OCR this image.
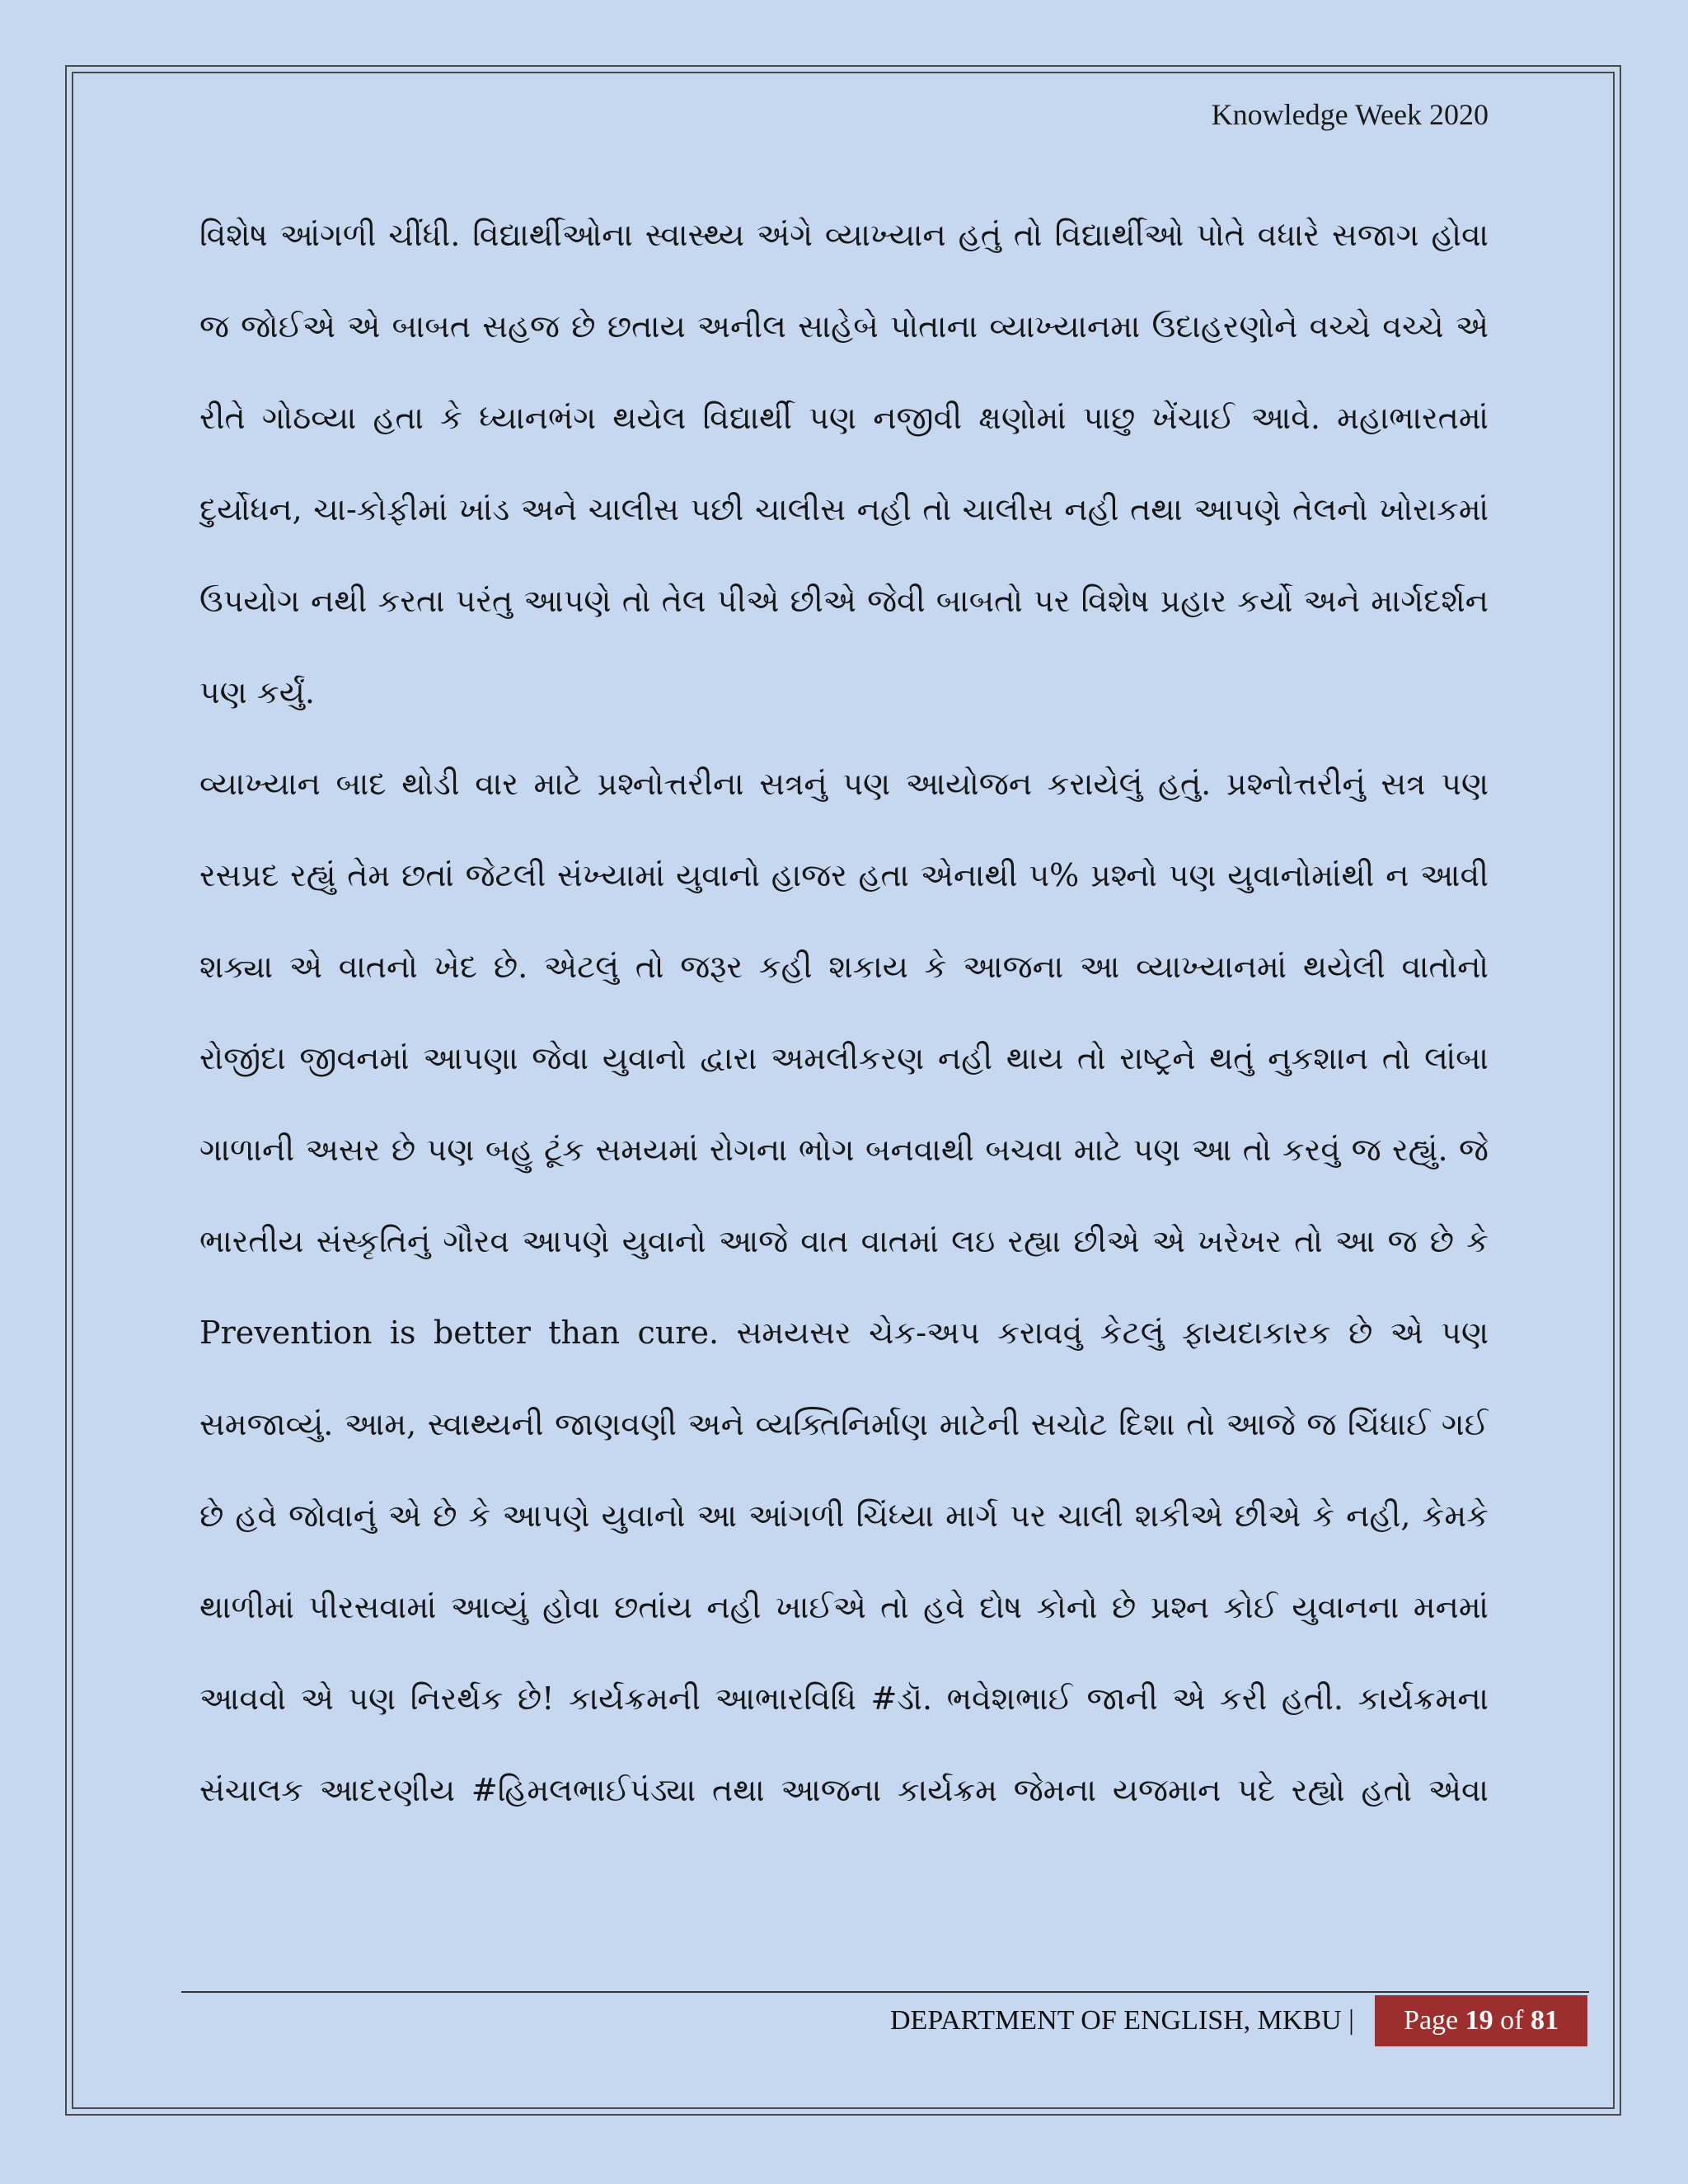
Knowledge Week 2020

વિશેષ આંગળી ચીંધી. વિદ્યાર્થીઓના સ્વાસ્થ્ય અંગે વ્યાખ્યાન હતું તો વિદ્યાર્થીઓ પોતે વધારે સજાગ હોવા જ જોઈએ એ બાબત સહજ છે છતાય અનીલ સાહેબે પોતાના વ્યાખ્યાનમા ઉદાહરણોને વચ્ચે વચ્ચે એ રીતે ગોઠવ્યા હતા કે ધ્યાનભંગ થયેલ વિદ્યાર્થી પણ નજીવી ક્ષણોમાં પાછુ ખેંચાઈ આવે. મહાભારતમાં દુર્યોધન, ચા-કોફીમાં ખાંડ અને ચાલીસ પછી ચાલીસ નહી તો ચાલીસ નહી તથા આપણે તેલનો ખોરાકમાં ઉપયોગ નથી કરતા પરંતુ આપણે તો તેલ પીએ છીએ જેવી બાબતો પર વિશેષ પ્રહાર કર્યો અને માર્ગદર્શન પણ કર્યું.

વ્યાખ્યાન બાદ થોડી વાર માટે પ્રશ્નોત્તરીના સત્રનું પણ આયોજન કરાયેલું હતું. પ્રશ્નોત્તરીનું સત્ર પણ રસપ્રદ રહ્યું તેમ છતાં જેટલી સંખ્યામાં યુવાનો હાજર હતા એનાથી ૫% પ્રશ્નો પણ યુવાનોમાંથી ન આવી શક્યા એ વાતનો ખેદ છે. એટલું તો જરૂર કહી શકાય કે આજના આ વ્યાખ્યાનમાં થયેલી વાતોનો રોજીંદા જીવનમાં આપણા જેવા યુવાનો દ્વારા અમલીકરણ નહી થાય તો રાષ્ટ્રને થતું નુકશાન તો લાંબા ગાળાની અસર છે પણ બહુ ટૂંક સમયમાં રોગના ભોગ બનવાથી બચવા માટે પણ આ તો કરવું જ રહ્યું. જે ભારતીય સંસ્કૃતિનું ગૌરવ આપણે યુવાનો આજે વાત વાતમાં લઇ રહ્યા છીએ એ ખરેખર તો આ જ છે કે Prevention is better than cure. સમયસર ચેક-અપ કરાવવું કેટલું ફાયદાકારક છે એ પણ સમજાવ્યું. આમ, સ્વાથ્યની જાણવણી અને વ્યક્તિનિર્માણ માટેની સચોટ દિશા તો આજે જ ચિંધાઈ ગઈ છે હવે જોવાનું એ છે કે આપણે યુવાનો આ આંગળી ચિંધ્યા માર્ગ પર ચાલી શકીએ છીએ કે નહી, કેમકે થાળીમાં પીરસવામાં આવ્યું હોવા છતાંય નહી ખાઈએ તો હવે દોષ કોનો છે પ્રશ્ન કોઈ યુવાનના મનમાં આવવો એ પણ નિરર્થક છે! કાર્યક્રમની આભારવિધિ #ડૉ. ભવેશભાઈ જાની એ કરી હતી. કાર્યક્રમના સંચાલક આદરણીય #હિમલભાઈપંડ્યા તથા આજના કાર્યક્રમ જેમના યજમાન પદે રહ્યો હતો એવા

DEPARTMENT OF ENGLISH, MKBU | Page
19
of
81
